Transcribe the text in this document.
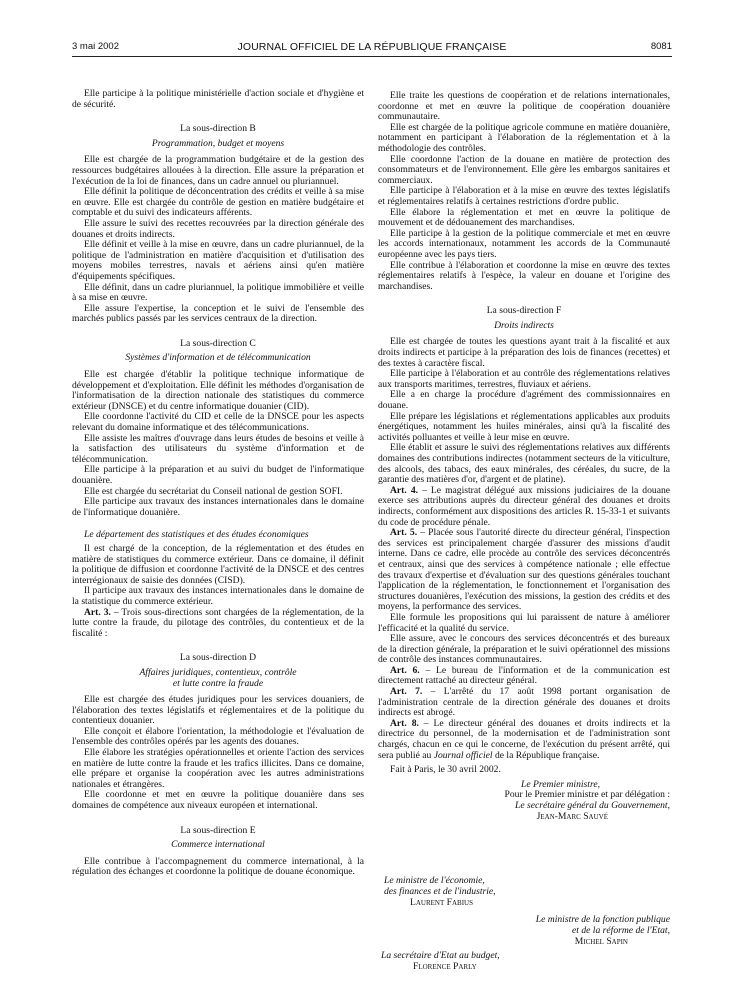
3 mai 2002	JOURNAL OFFICIEL DE LA RÉPUBLIQUE FRANÇAISE	8081

Elle participe à la politique ministérielle d'action sociale et d'hygiène et de sécurité.

La sous-direction B

Programmation, budget et moyens

Elle est chargée de la programmation budgétaire et de la gestion des ressources budgétaires allouées à la direction. Elle assure la préparation et l'exécution de la loi de finances, dans un cadre annuel ou pluriannuel.

Elle définit la politique de déconcentration des crédits et veille à sa mise en œuvre. Elle est chargée du contrôle de gestion en matière budgétaire et comptable et du suivi des indicateurs afférents.

Elle assure le suivi des recettes recouvrées par la direction générale des douanes et droits indirects.

Elle définit et veille à la mise en œuvre, dans un cadre pluriannuel, de la politique de l'administration en matière d'acquisition et d'utilisation des moyens mobiles terrestres, navals et aériens ainsi qu'en matière d'équipements spécifiques.

Elle définit, dans un cadre pluriannuel, la politique immobilière et veille à sa mise en œuvre.

Elle assure l'expertise, la conception et le suivi de l'ensemble des marchés publics passés par les services centraux de la direction.

La sous-direction C

Systèmes d'information et de télécommunication

Elle est chargée d'établir la politique technique informatique de développement et d'exploitation. Elle définit les méthodes d'organisation de l'informatisation de la direction nationale des statistiques du commerce extérieur (DNSCE) et du centre informatique douanier (CID).

Elle coordonne l'activité du CID et celle de la DNSCE pour les aspects relevant du domaine informatique et des télécommunications.

Elle assiste les maîtres d'ouvrage dans leurs études de besoins et veille à la satisfaction des utilisateurs du système d'information et de télécommunication.

Elle participe à la préparation et au suivi du budget de l'informatique douanière.

Elle est chargée du secrétariat du Conseil national de gestion SOFI.

Elle participe aux travaux des instances internationales dans le domaine de l'informatique douanière.

Le département des statistiques et des études économiques

Il est chargé de la conception, de la réglementation et des études en matière de statistiques du commerce extérieur. Dans ce domaine, il définit la politique de diffusion et coordonne l'activité de la DNSCE et des centres interrégionaux de saisie des données (CISD).

Il participe aux travaux des instances internationales dans le domaine de la statistique du commerce extérieur.

Art. 3. – Trois sous-directions sont chargées de la réglementation, de la lutte contre la fraude, du pilotage des contrôles, du contentieux et de la fiscalité :

La sous-direction D

Affaires juridiques, contentieux, contrôle

et lutte contre la fraude

Elle est chargée des études juridiques pour les services douaniers, de l'élaboration des textes législatifs et réglementaires et de la politique du contentieux douanier.

Elle conçoit et élabore l'orientation, la méthodologie et l'évaluation de l'ensemble des contrôles opérés par les agents des douanes.

Elle élabore les stratégies opérationnelles et oriente l'action des services en matière de lutte contre la fraude et les trafics illicites. Dans ce domaine, elle prépare et organise la coopération avec les autres administrations nationales et étrangères.

Elle coordonne et met en œuvre la politique douanière dans ses domaines de compétence aux niveaux européen et international.

La sous-direction E

Commerce international

Elle contribue à l'accompagnement du commerce international, à la régulation des échanges et coordonne la politique de douane économique.

Elle traite les questions de coopération et de relations internationales, coordonne et met en œuvre la politique de coopération douanière communautaire.

Elle est chargée de la politique agricole commune en matière douanière, notamment en participant à l'élaboration de la réglementation et à la méthodologie des contrôles.

Elle coordonne l'action de la douane en matière de protection des consommateurs et de l'environnement. Elle gère les embargos sanitaires et commerciaux.

Elle participe à l'élaboration et à la mise en œuvre des textes législatifs et réglementaires relatifs à certaines restrictions d'ordre public.

Elle élabore la réglementation et met en œuvre la politique de mouvement et de dédouanement des marchandises.

Elle participe à la gestion de la politique commerciale et met en œuvre les accords internationaux, notamment les accords de la Communauté européenne avec les pays tiers.

Elle contribue à l'élaboration et coordonne la mise en œuvre des textes réglementaires relatifs à l'espèce, la valeur en douane et l'origine des marchandises.

La sous-direction F

Droits indirects

Elle est chargée de toutes les questions ayant trait à la fiscalité et aux droits indirects et participe à la préparation des lois de finances (recettes) et des textes à caractère fiscal.

Elle participe à l'élaboration et au contrôle des réglementations relatives aux transports maritimes, terrestres, fluviaux et aériens.

Elle a en charge la procédure d'agrément des commissionnaires en douane.

Elle prépare les législations et réglementations applicables aux produits énergétiques, notamment les huiles minérales, ainsi qu'à la fiscalité des activités polluantes et veille à leur mise en œuvre.

Elle établit et assure le suivi des réglementations relatives aux différents domaines des contributions indirectes (notamment secteurs de la viticulture, des alcools, des tabacs, des eaux minérales, des céréales, du sucre, de la garantie des matières d'or, d'argent et de platine).

Art. 4. – Le magistrat délégué aux missions judiciaires de la douane exerce ses attributions auprès du directeur général des douanes et droits indirects, conformément aux dispositions des articles R. 15-33-1 et suivants du code de procédure pénale.

Art. 5. – Placée sous l'autorité directe du directeur général, l'inspection des services est principalement chargée d'assurer des missions d'audit interne. Dans ce cadre, elle procède au contrôle des services déconcentrés et centraux, ainsi que des services à compétence nationale ; elle effectue des travaux d'expertise et d'évaluation sur des questions générales touchant l'application de la réglementation, le fonctionnement et l'organisation des structures douanières, l'exécution des missions, la gestion des crédits et des moyens, la performance des services.

Elle formule les propositions qui lui paraissent de nature à améliorer l'efficacité et la qualité du service.

Elle assure, avec le concours des services déconcentrés et des bureaux de la direction générale, la préparation et le suivi opérationnel des missions de contrôle des instances communautaires.

Art. 6. – Le bureau de l'information et de la communication est directement rattaché au directeur général.

Art. 7. – L'arrêté du 17 août 1998 portant organisation de l'administration centrale de la direction générale des douanes et droits indirects est abrogé.

Art. 8. – Le directeur général des douanes et droits indirects et la directrice du personnel, de la modernisation et de l'administration sont chargés, chacun en ce qui le concerne, de l'exécution du présent arrêté, qui sera publié au Journal officiel de la République française.

Fait à Paris, le 30 avril 2002.

Le Premier ministre,

Pour le Premier ministre et par délégation :

Le secrétaire général du Gouvernement,

Jean-Marc Sauvé

Le ministre de l'économie,
des finances et de l'industrie,
Laurent Fabius
Le ministre de la fonction publique
et de la réforme de l'Etat,
Michel Sapin
La secrétaire d'Etat au budget,
Florence Parly
